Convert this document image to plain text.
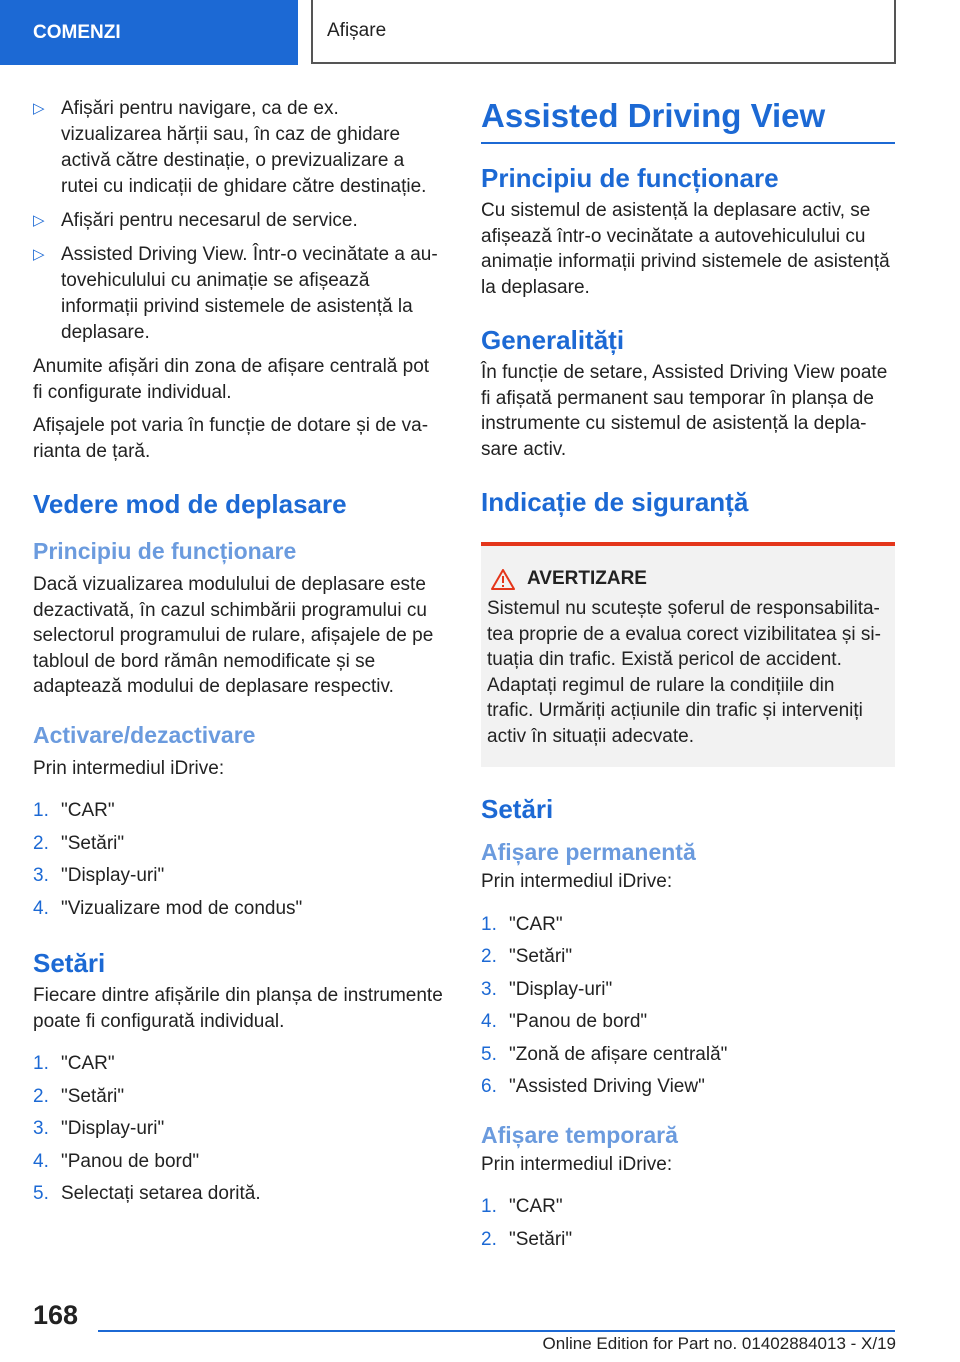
COMENZI	Afișare
▷ Afișări pentru navigare, ca de ex. vizualizarea hărții sau, în caz de ghidare activă către destinație, o previzualizare a rutei cu indicații de ghidare către destinație.
▷ Afișări pentru necesarul de service.
▷ Assisted Driving View. Într-o vecinătate a autovehiculului cu animație se afișează informații privind sistemele de asistență la deplasare.

Anumite afișări din zona de afișare centrală pot fi configurate individual.

Afișajele pot varia în funcție de dotare și de varianta de țară.

Vedere mod de deplasare
Principiu de funcționare

Dacă vizualizarea modulului de deplasare este dezactivată, în cazul schimbării programului cu selectorul programului de rulare, afișajele de pe tabloul de bord rămân nemodificate și se adaptează modului de deplasare respectiv.

Activare/dezactivare

Prin intermediul iDrive:

1. "CAR"
2. "Setări"
3. "Display-uri"
4. "Vizualizare mod de condus"
Setări

Fiecare dintre afișările din planșa de instrumente poate fi configurată individual.

1. "CAR"
2. "Setări"
3. "Display-uri"
4. "Panou de bord"
5. Selectați setarea dorită.
Assisted Driving View
Principiu de funcționare

Cu sistemul de asistență la deplasare activ, se afișează într-o vecinătate a autovehiculului cu animație informații privind sistemele de asistență la deplasare.

Generalități

În funcție de setare, Assisted Driving View poate fi afișată permanent sau temporar în planșa de instrumente cu sistemul de asistență la deplasare activ.

Indicație de siguranță
AVERTIZARE

Sistemul nu scutește șoferul de responsabilitatea proprie de a evalua corect vizibilitatea și situația din trafic. Există pericol de accident. Adaptați regimul de rulare la condițiile din trafic. Urmăriți acțiunile din trafic și interveniți activ în situații adecvate.

Setări
Afișare permanentă

Prin intermediul iDrive:

1. "CAR"
2. "Setări"
3. "Display-uri"
4. "Panou de bord"
5. "Zonă de afișare centrală"
6. "Assisted Driving View"
Afișare temporară

Prin intermediul iDrive:

1. "CAR"
2. "Setări"
168
Online Edition for Part no. 01402884013 - X/19
